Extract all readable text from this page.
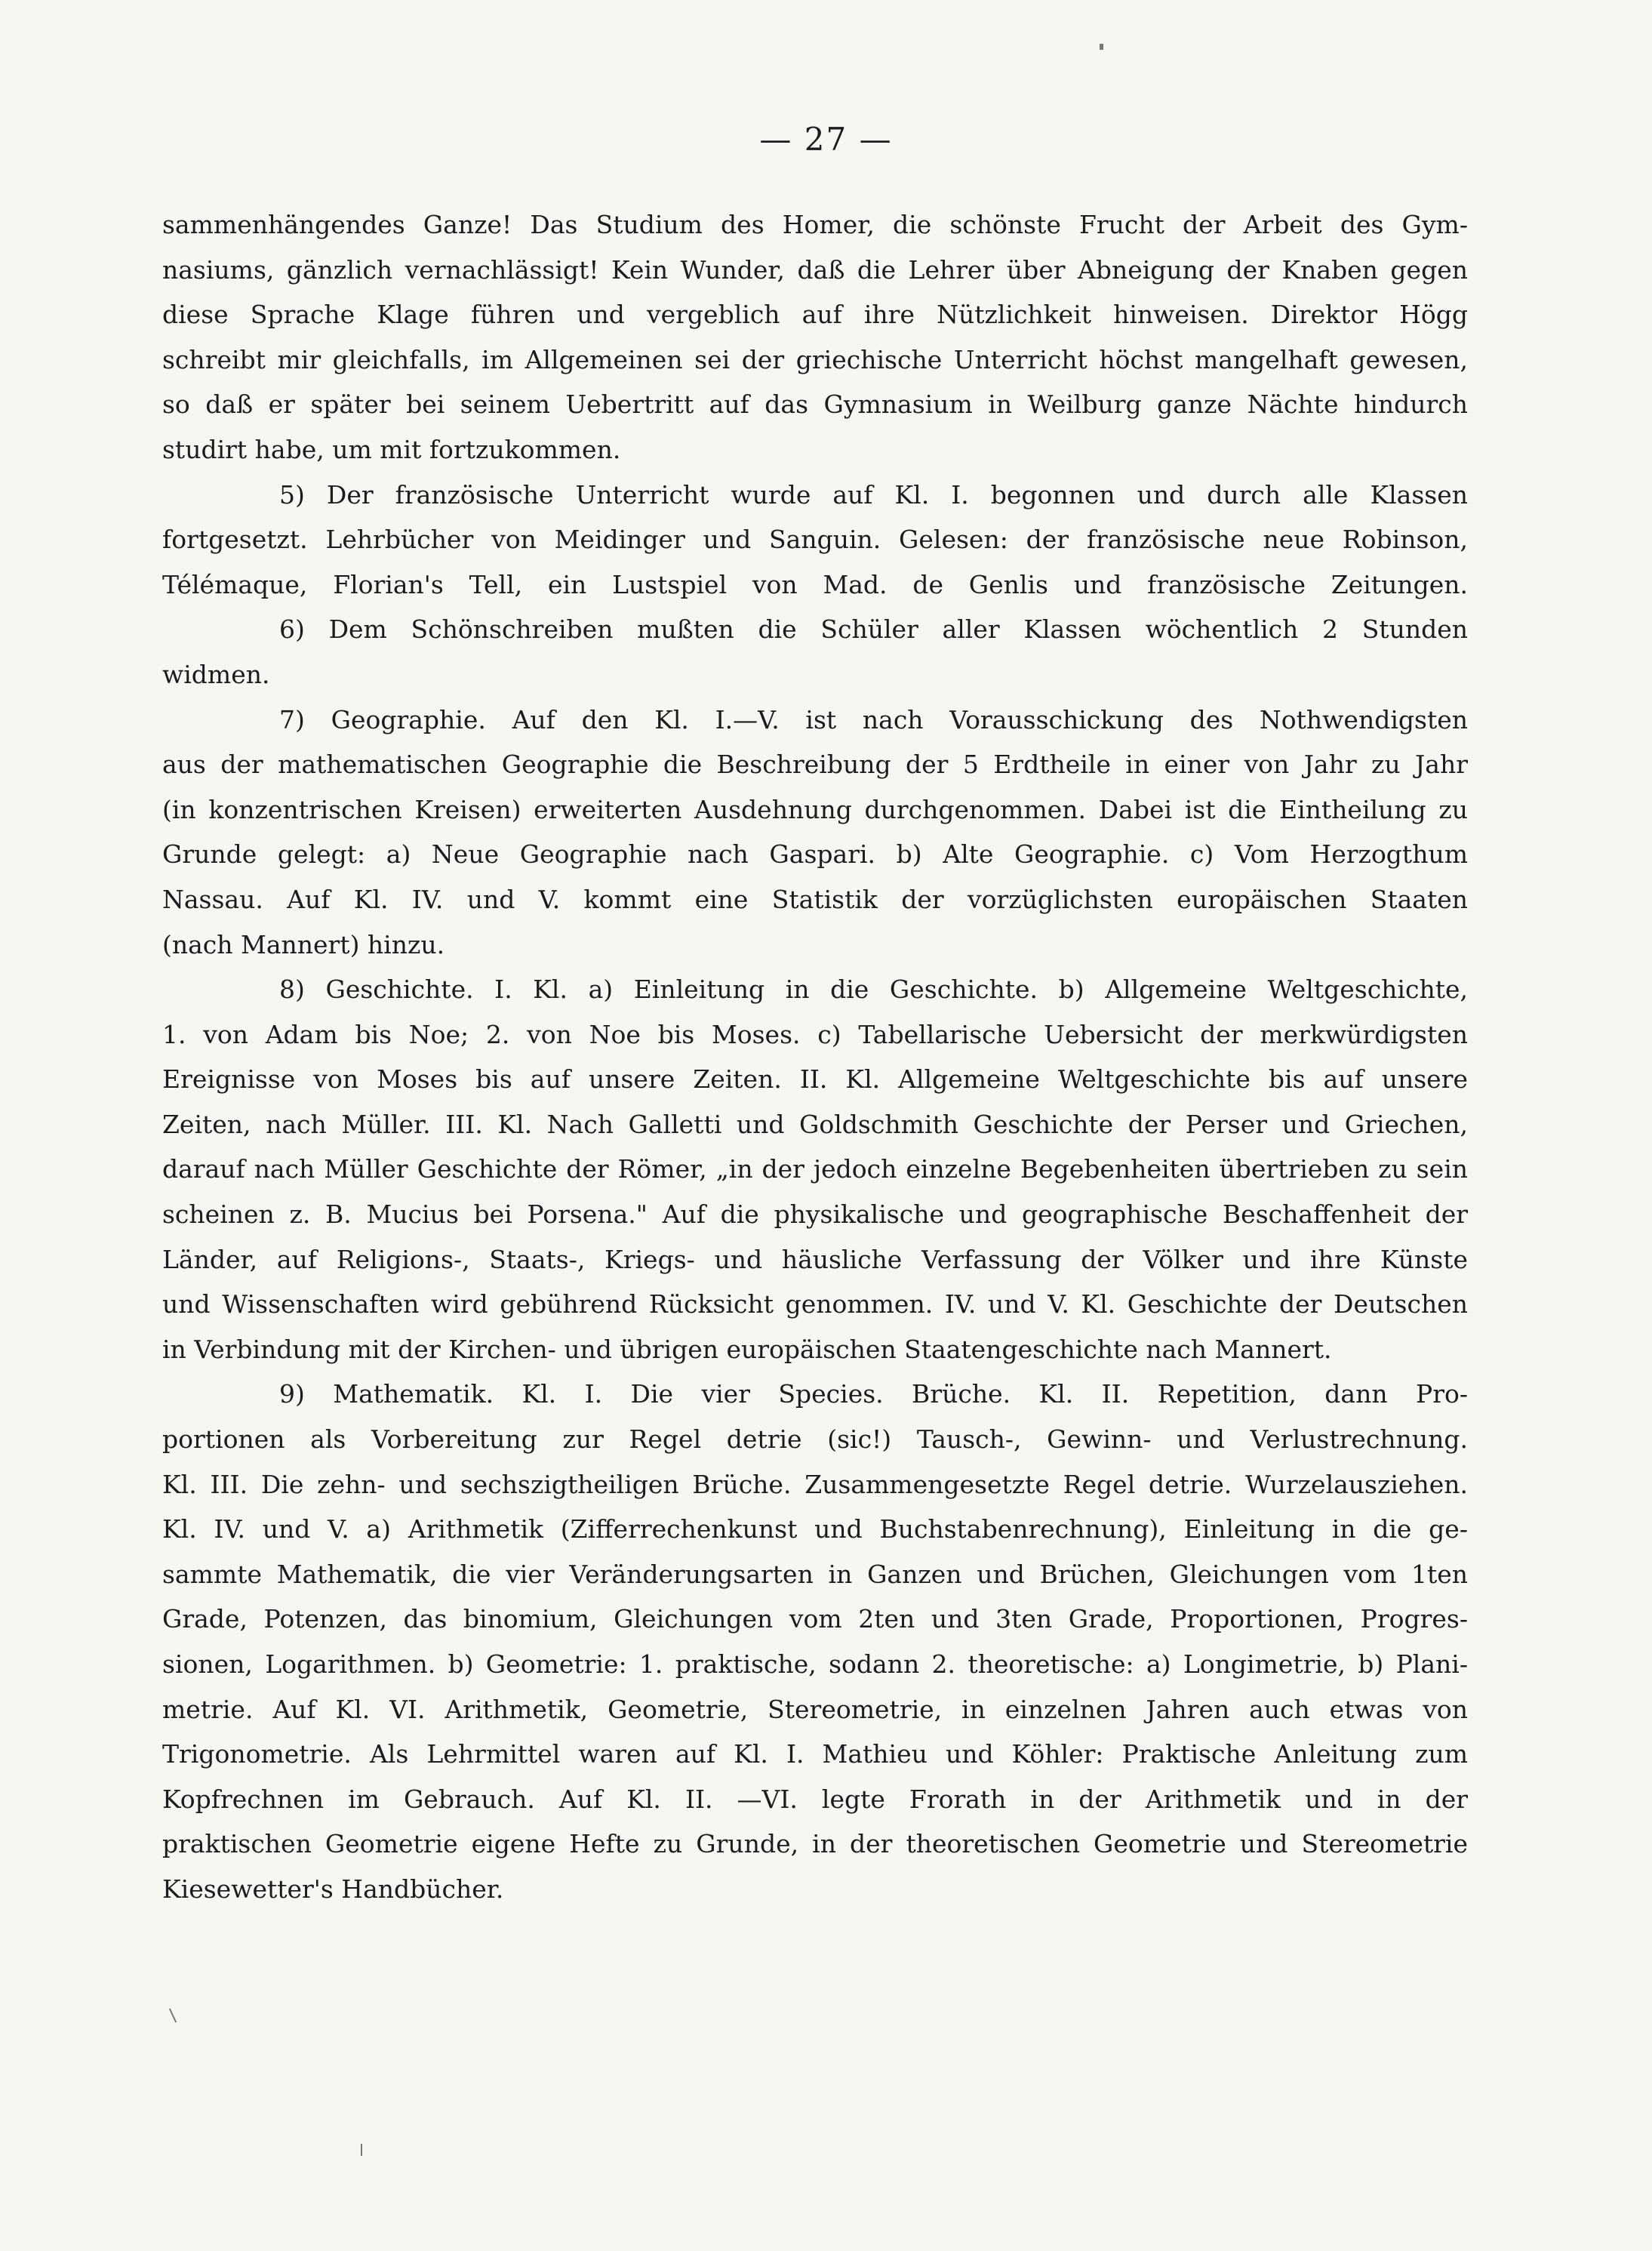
— 27 —
sammenhängendes Ganze! Das Studium des Homer, die schönste Frucht der Arbeit des Gym-
nasiums, gänzlich vernachlässigt! Kein Wunder, daß die Lehrer über Abneigung der Knaben gegen
diese Sprache Klage führen und vergeblich auf ihre Nützlichkeit hinweisen. Direktor Högg
schreibt mir gleichfalls, im Allgemeinen sei der griechische Unterricht höchst mangelhaft gewesen,
so daß er später bei seinem Uebertritt auf das Gymnasium in Weilburg ganze Nächte hindurch
studirt habe, um mit fortzukommen.
5) Der französische Unterricht wurde auf Kl. I. begonnen und durch alle Klassen
fortgesetzt. Lehrbücher von Meidinger und Sanguin. Gelesen: der französische neue Robinson,
Télémaque, Florian's Tell, ein Lustspiel von Mad. de Genlis und französische Zeitungen.
6) Dem Schönschreiben mußten die Schüler aller Klassen wöchentlich 2 Stunden
widmen.
7) Geographie. Auf den Kl. I.—V. ist nach Vorausschickung des Nothwendigsten
aus der mathematischen Geographie die Beschreibung der 5 Erdtheile in einer von Jahr zu Jahr
(in konzentrischen Kreisen) erweiterten Ausdehnung durchgenommen. Dabei ist die Eintheilung zu
Grunde gelegt: a) Neue Geographie nach Gaspari. b) Alte Geographie. c) Vom Herzogthum
Nassau. Auf Kl. IV. und V. kommt eine Statistik der vorzüglichsten europäischen Staaten
(nach Mannert) hinzu.
8) Geschichte. I. Kl. a) Einleitung in die Geschichte. b) Allgemeine Weltgeschichte,
1. von Adam bis Noe; 2. von Noe bis Moses. c) Tabellarische Uebersicht der merkwürdigsten
Ereignisse von Moses bis auf unsere Zeiten. II. Kl. Allgemeine Weltgeschichte bis auf unsere
Zeiten, nach Müller. III. Kl. Nach Galletti und Goldschmith Geschichte der Perser und Griechen,
darauf nach Müller Geschichte der Römer, „in der jedoch einzelne Begebenheiten übertrieben zu sein
scheinen z. B. Mucius bei Porsena." Auf die physikalische und geographische Beschaffenheit der
Länder, auf Religions-, Staats-, Kriegs- und häusliche Verfassung der Völker und ihre Künste
und Wissenschaften wird gebührend Rücksicht genommen. IV. und V. Kl. Geschichte der Deutschen
in Verbindung mit der Kirchen- und übrigen europäischen Staatengeschichte nach Mannert.
9) Mathematik. Kl. I. Die vier Species. Brüche. Kl. II. Repetition, dann Pro-
portionen als Vorbereitung zur Regel detrie (sic!) Tausch-, Gewinn- und Verlustrechnung.
Kl. III. Die zehn- und sechszigtheiligen Brüche. Zusammengesetzte Regel detrie. Wurzelausziehen.
Kl. IV. und V. a) Arithmetik (Zifferrechenkunst und Buchstabenrechnung), Einleitung in die ge-
sammte Mathematik, die vier Veränderungsarten in Ganzen und Brüchen, Gleichungen vom 1ten
Grade, Potenzen, das binomium, Gleichungen vom 2ten und 3ten Grade, Proportionen, Progres-
sionen, Logarithmen. b) Geometrie: 1. praktische, sodann 2. theoretische: a) Longimetrie, b) Plani-
metrie. Auf Kl. VI. Arithmetik, Geometrie, Stereometrie, in einzelnen Jahren auch etwas von
Trigonometrie. Als Lehrmittel waren auf Kl. I. Mathieu und Köhler: Praktische Anleitung zum
Kopfrechnen im Gebrauch. Auf Kl. II. —VI. legte Frorath in der Arithmetik und in der
praktischen Geometrie eigene Hefte zu Grunde, in der theoretischen Geometrie und Stereometrie
Kiesewetter's Handbücher.
